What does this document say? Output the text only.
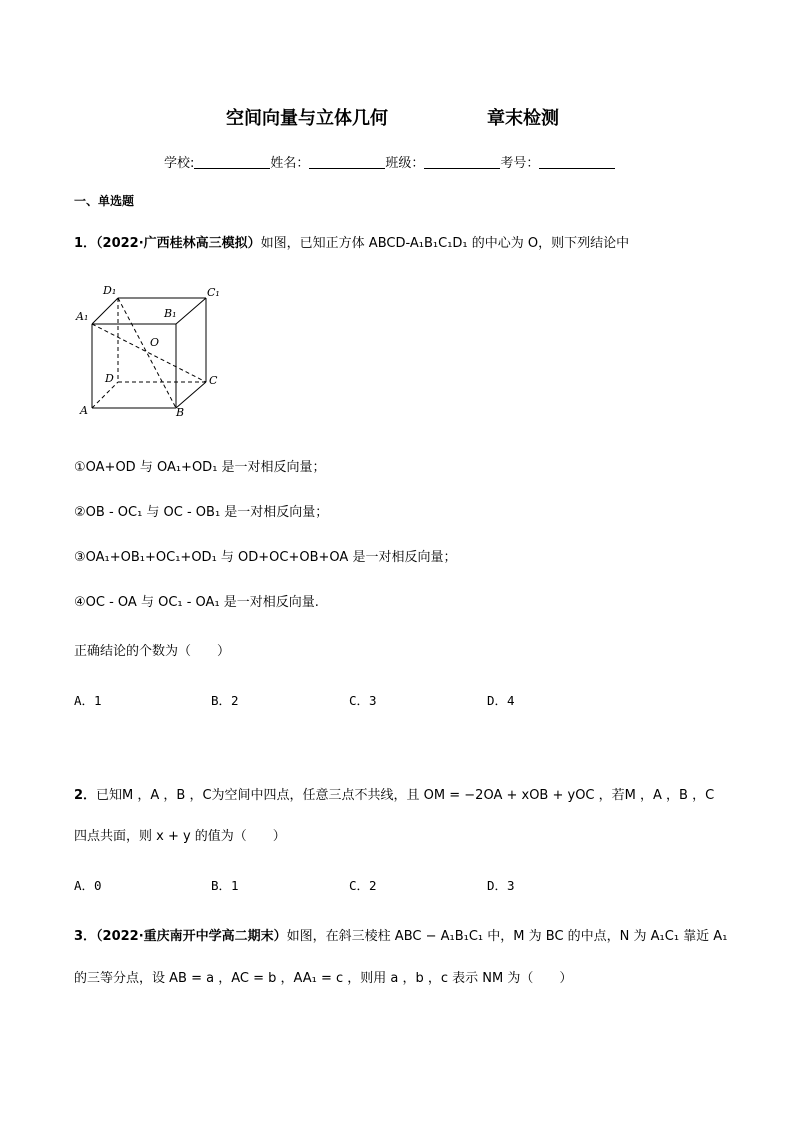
空间向量与立体几何	章末检测
学校:	姓名：	班级：	考号：
一、单选题
1．（2022·广西桂林高三模拟）如图，已知正方体 ABCD-A₁B₁C₁D₁ 的中心为 O，则下列结论中
D₁	C₁
A₁	B₁
O
D	C
A	B
①OA+OD 与 OA₁+OD₁ 是一对相反向量；
②OB - OC₁ 与 OC - OB₁ 是一对相反向量；
③OA₁+OB₁+OC₁+OD₁ 与 OD+OC+OB+OA 是一对相反向量；
④OC - OA 与 OC₁ - OA₁ 是一对相反向量.
正确结论的个数为（　　）
A．1	B．2	C．3	D．4
2．已知M ，A ，B ，C为空间中四点，任意三点不共线，且 OM = −2OA + xOB + yOC ，若M ，A ，B ，C
四点共面，则 x + y 的值为（　　）
A．0	B．1	C．2	D．3
3．（2022·重庆南开中学高二期末）如图，在斜三棱柱 ABC − A₁B₁C₁ 中，M 为 BC 的中点，N 为 A₁C₁ 靠近 A₁
的三等分点，设 AB = a ，AC = b ，AA₁ = c ，则用 a ，b ，c 表示 NM 为（　　）
